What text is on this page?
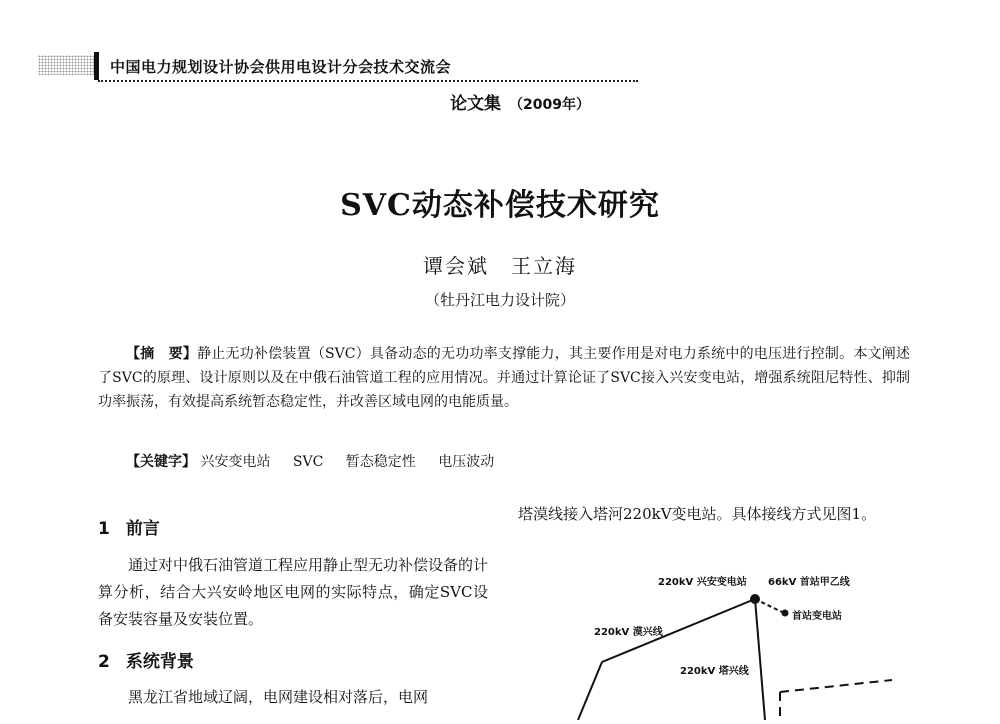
中国电力规划设计协会供用电设计分会技术交流会
论文集 （2009年）
SVC动态补偿技术研究
谭会斌 王立海
（牡丹江电力设计院）
【摘　要】静止无功补偿装置（SVC）具备动态的无功功率支撑能力，其主要作用是对电力系统中的电压进行控制。本文阐述了SVC的原理、设计原则以及在中俄石油管道工程的应用情况。并通过计算论证了SVC接入兴安变电站，增强系统阻尼特性、抑制功率振荡，有效提高系统暂态稳定性，并改善区域电网的电能质量。
【关键字】 兴安变电站 SVC 暂态稳定性 电压波动
1 前言
通过对中俄石油管道工程应用静止型无功补偿设备的计算分析，结合大兴安岭地区电网的实际特点，确定SVC设备安装容量及安装位置。
2 系统背景
黑龙江省地域辽阔，电网建设相对落后，电网
塔漠线接入塔河220kV变电站。具体接线方式见图1。
220kV 兴安变电站 66kV 首站甲乙线
首站变电站
220kV 漠兴线
220kV 塔兴线
